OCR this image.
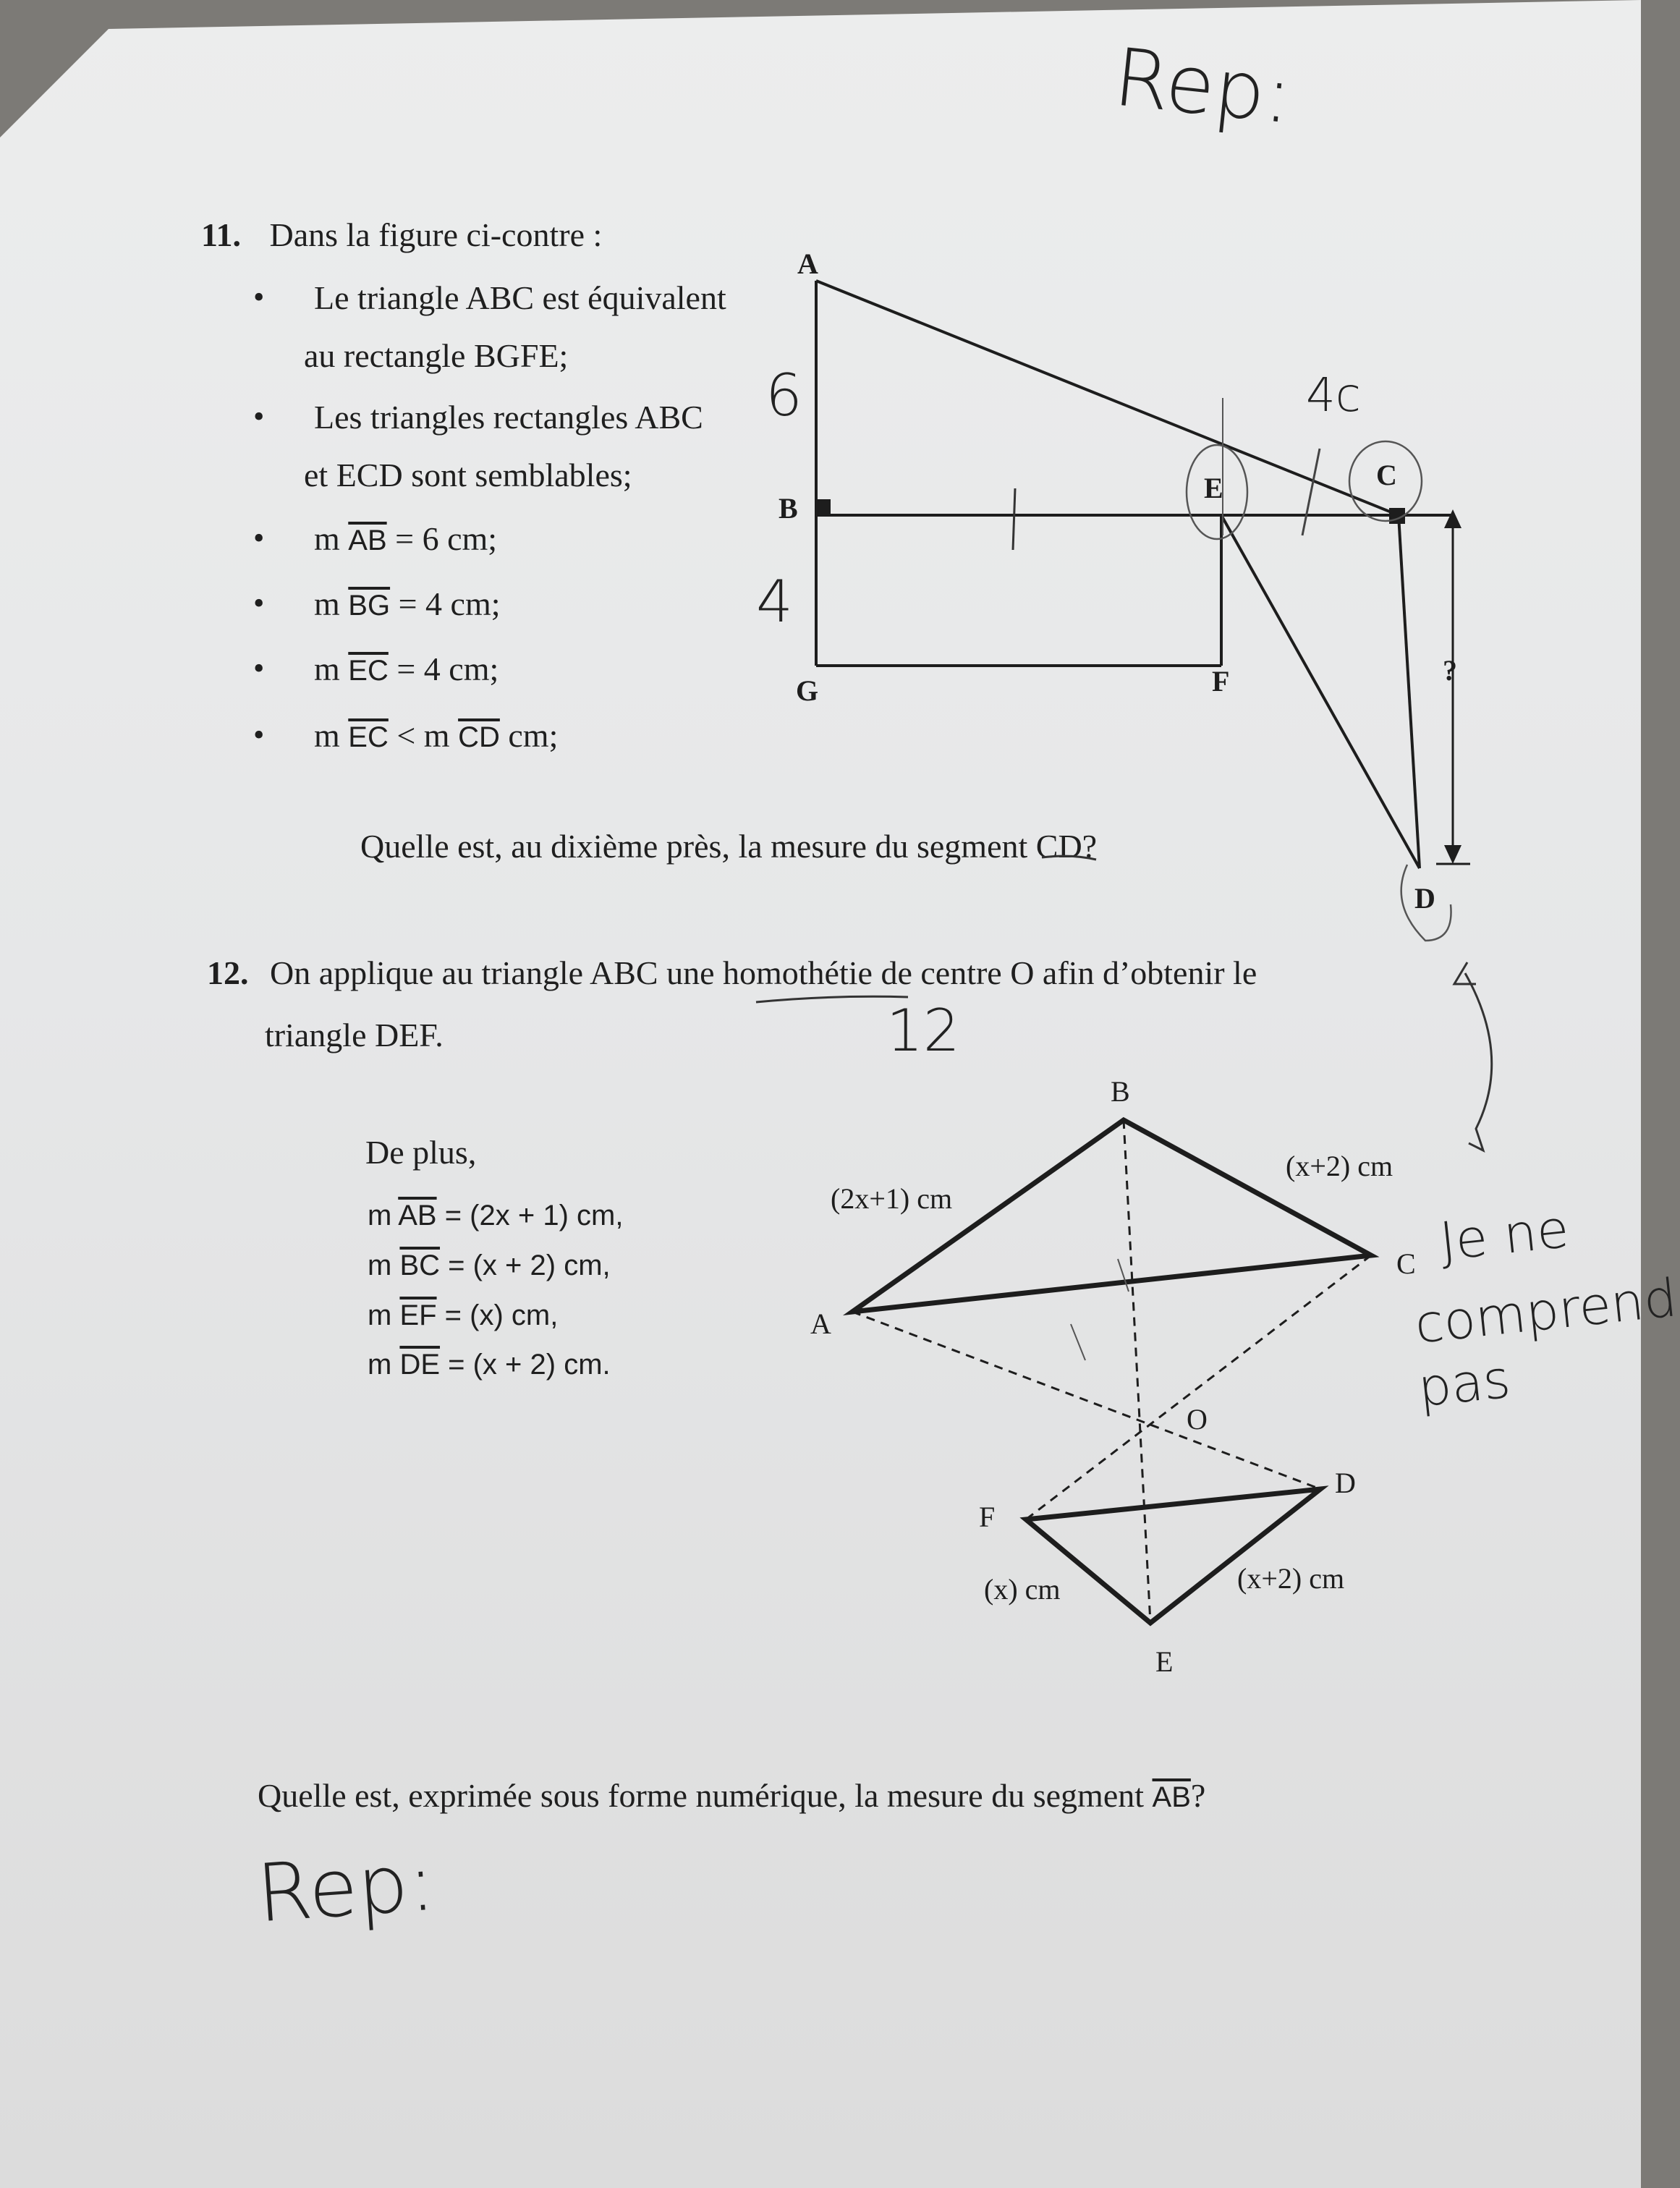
11. Dans la figure ci-contre :
• Le triangle ABC est équivalent
au rectangle BGFE;
• Les triangles rectangles ABC
et ECD sont semblables;
• m $\overline{AB} = 6$ cm;
• m $\overline{BG} = 4$ cm;
• m $\overline{EC} = 4$ cm;
• m $\overline{EC} < m$ $\overline{CD}$ cm;
Quelle est, au dixième près, la mesure du segment CD?
12. On applique au triangle ABC une homothétie de centre O afin d’obtenir le
triangle DEF.
De plus,
m $\overline{AB} = (2x + 1)$ cm,
m $\overline{BC} = (x + 2)$ cm,
m $\overline{EF} = (x)$ cm,
m $\overline{DE} = (x + 2)$ cm.
Quelle est, exprimée sous forme numérique, la mesure du segment $\overline{AB}$?
A
B
G
E
F
C
D
?
A
B
C
D
E
F
O
(2x+1) cm
(x+2) cm
(x) cm	(x+2) cm
Rep:
6
4
4c
12
Je ne
comprend
pas
Rep:
